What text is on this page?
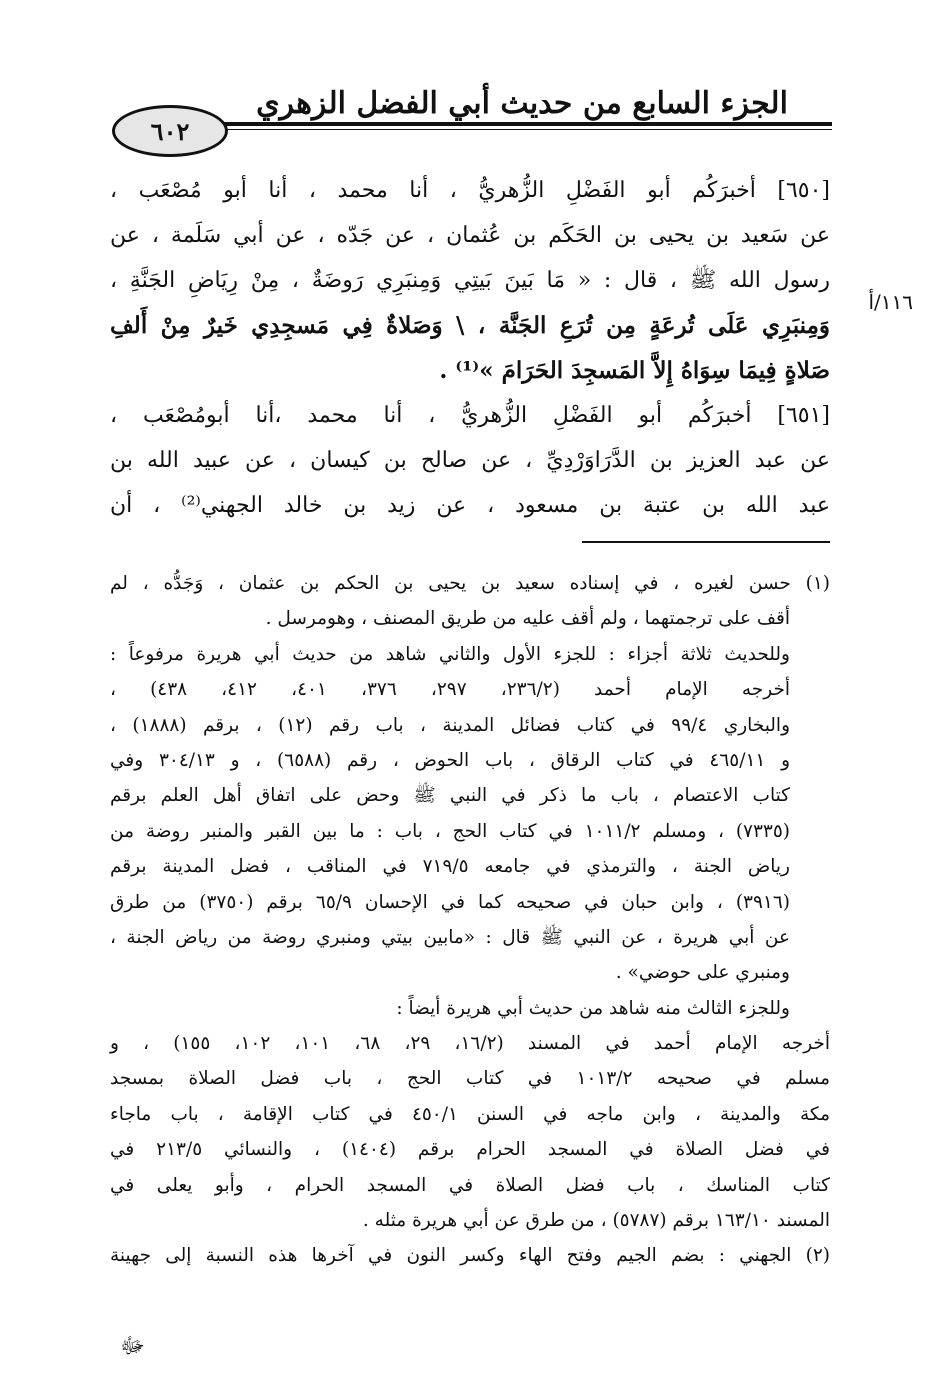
الجزء السابع من حديث أبي الفضل الزهري
٦٠٢
١١٦/أ
[٦٥٠] أخبرَكُم أبو الفَضْلِ الزُّهريُّ ، أنا محمد ، أنا أبو مُصْعَب ،
عن سَعيد بن يحيى بن الحَكَم بن عُثمان ، عن جَدّه ، عن أبي سَلَمة ، عن
رسول الله ﷺ ، قال : « مَا بَينَ بَيتِي وَمِنبَرِي رَوضَةٌ ، مِنْ رِيَاضِ الجَنَّةِ ،
وَمِنبَرِي عَلَى تُرعَةٍ مِن تُرَعِ الجَنَّة ، \ وَصَلاةٌ فِي مَسجِدِي خَيرٌ مِنْ أَلفِ
صَلاةٍ فِيمَا سِوَاهُ إِلاَّ المَسجِدَ الحَرَامَ »⁽¹⁾ .
[٦٥١] أخبرَكُم أبو الفَضْلِ الزُّهريُّ ، أنا محمد ،أنا أبومُصْعَب ،
عن عبد العزيز بن الدَّرَاوَرْدِيِّ ، عن صالح بن كيسان ، عن عبيد الله بن
عبد الله بن عتبة بن مسعود ، عن زيد بن خالد الجهني⁽²⁾ ، أن
(١) حسن لغيره ، في إسناده سعيد بن يحيى بن الحكم بن عثمان ، وَجَدُّه ، لم
أقف على ترجمتهما ، ولم أقف عليه من طريق المصنف ، وهومرسل .
وللحديث ثلاثة أجزاء : للجزء الأول والثاني شاهد من حديث أبي هريرة مرفوعاً :
أخرجه الإمام أحمد (٢٣٦/٢، ٢٩٧، ٣٧٦، ٤٠١، ٤١٢، ٤٣٨) ،
والبخاري ٩٩/٤ في كتاب فضائل المدينة ، باب رقم (١٢) ، برقم (١٨٨٨) ،
و ٤٦٥/١١ في كتاب الرقاق ، باب الحوض ، رقم (٦٥٨٨) ، و ٣٠٤/١٣ وفي
كتاب الاعتصام ، باب ما ذكر في النبي ﷺ وحض على اتفاق أهل العلم برقم
(٧٣٣٥) ، ومسلم ١٠١١/٢ في كتاب الحج ، باب : ما بين القبر والمنبر روضة من
رياض الجنة ، والترمذي في جامعه ٧١٩/٥ في المناقب ، فضل المدينة برقم
(٣٩١٦) ، وابن حبان في صحيحه كما في الإحسان ٦٥/٩ برقم (٣٧٥٠) من طرق
عن أبي هريرة ، عن النبي ﷺ قال : «مابين بيتي ومنبري روضة من رياض الجنة ،
ومنبري على حوضي» .
وللجزء الثالث منه شاهد من حديث أبي هريرة أيضاً :
أخرجه الإمام أحمد في المسند (١٦/٢، ٢٩، ٦٨، ١٠١، ١٠٢، ١٥٥) ، و
مسلم في صحيحه ١٠١٣/٢ في كتاب الحج ، باب فضل الصلاة بمسجد
مكة والمدينة ، وابن ماجه في السنن ٤٥٠/١ في كتاب الإقامة ، باب ماجاء
في فضل الصلاة في المسجد الحرام برقم (١٤٠٤) ، والنسائي ٢١٣/٥ في
كتاب المناسك ، باب فضل الصلاة في المسجد الحرام ، وأبو يعلى في
المسند ١٦٣/١٠ برقم (٥٧٨٧) ، من طرق عن أبي هريرة مثله .
(٢) الجهني : بضم الجيم وفتح الهاء وكسر النون في آخرها هذه النسبة إلى جهينة
ﷻ
